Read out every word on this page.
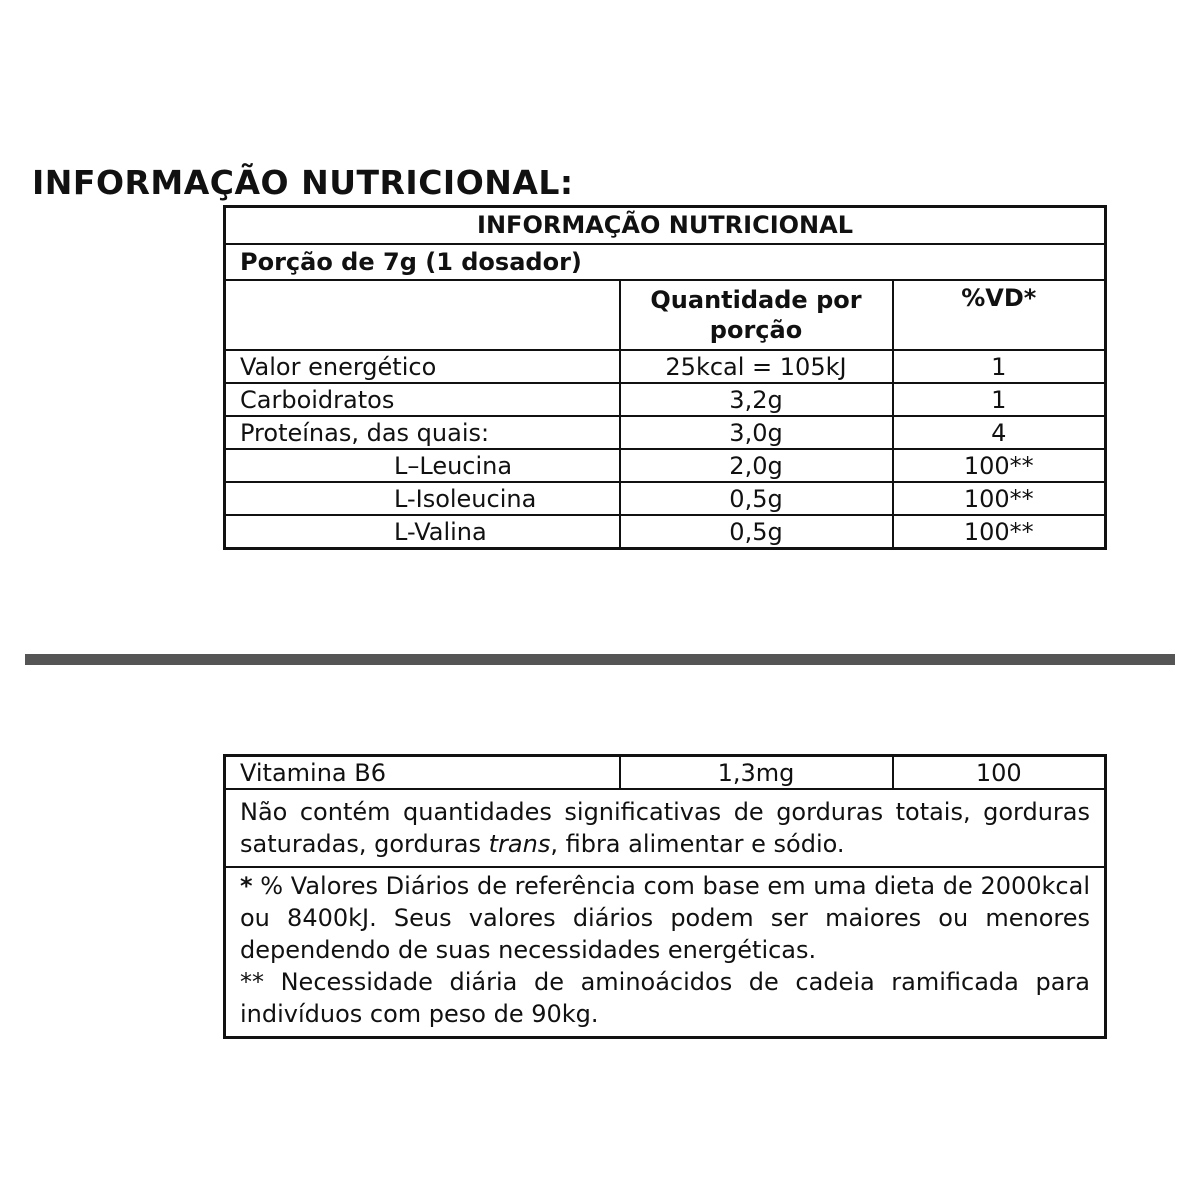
INFORMAÇÃO NUTRICIONAL:
INFORMAÇÃO NUTRICIONAL		
Porção de 7g (1 dosador)		
	Quantidade por porção	%VD*
Valor energético	25kcal = 105kJ	1
Carboidratos	3,2g	1
Proteínas, das quais:	3,0g	4
L–Leucina	2,0g	100**
L-Isoleucina	0,5g	100**
L-Valina	0,5g	100**
Vitamina B6	1,3mg	100
Não contém quantidades significativas de gorduras totais, gorduras saturadas, gorduras trans, fibra alimentar e sódio.

* % Valores Diários de referência com base em uma dieta de 2000kcal ou 8400kJ. Seus valores diários podem ser maiores ou menores dependendo de suas necessidades energéticas.
** Necessidade diária de aminoácidos de cadeia ramificada para indivíduos com peso de 90kg.
